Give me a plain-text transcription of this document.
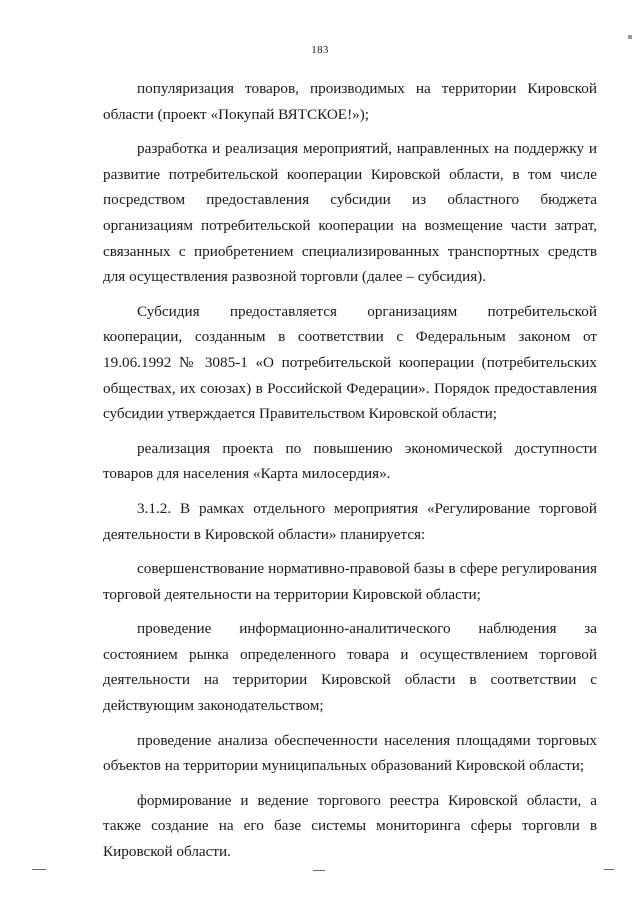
183

популяризация товаров, производимых на территории Кировской области (проект «Покупай ВЯТСКОЕ!»);

разработка и реализация мероприятий, направленных на поддержку и развитие потребительской кооперации Кировской области, в том числе посредством предоставления субсидии из областного бюджета организациям потребительской кооперации на возмещение части затрат, связанных с приобретением специализированных транспортных средств для осуществления развозной торговли (далее – субсидия).

Субсидия предоставляется организациям потребительской кооперации, созданным в соответствии с Федеральным законом от 19.06.1992 № 3085-1 «О потребительской кооперации (потребительских обществах, их союзах) в Российской Федерации». Порядок предоставления субсидии утверждается Правительством Кировской области;

реализация проекта по повышению экономической доступности товаров для населения «Карта милосердия».

3.1.2. В рамках отдельного мероприятия «Регулирование торговой деятельности в Кировской области» планируется:

совершенствование нормативно-правовой базы в сфере регулирования торговой деятельности на территории Кировской области;

проведение информационно-аналитического наблюдения за состоянием рынка определенного товара и осуществлением торговой деятельности на территории Кировской области в соответствии с действующим законодательством;

проведение анализа обеспеченности населения площадями торговых объектов на территории муниципальных образований Кировской области;

формирование и ведение торгового реестра Кировской области, а также создание на его базе системы мониторинга сферы торговли в Кировской области.
